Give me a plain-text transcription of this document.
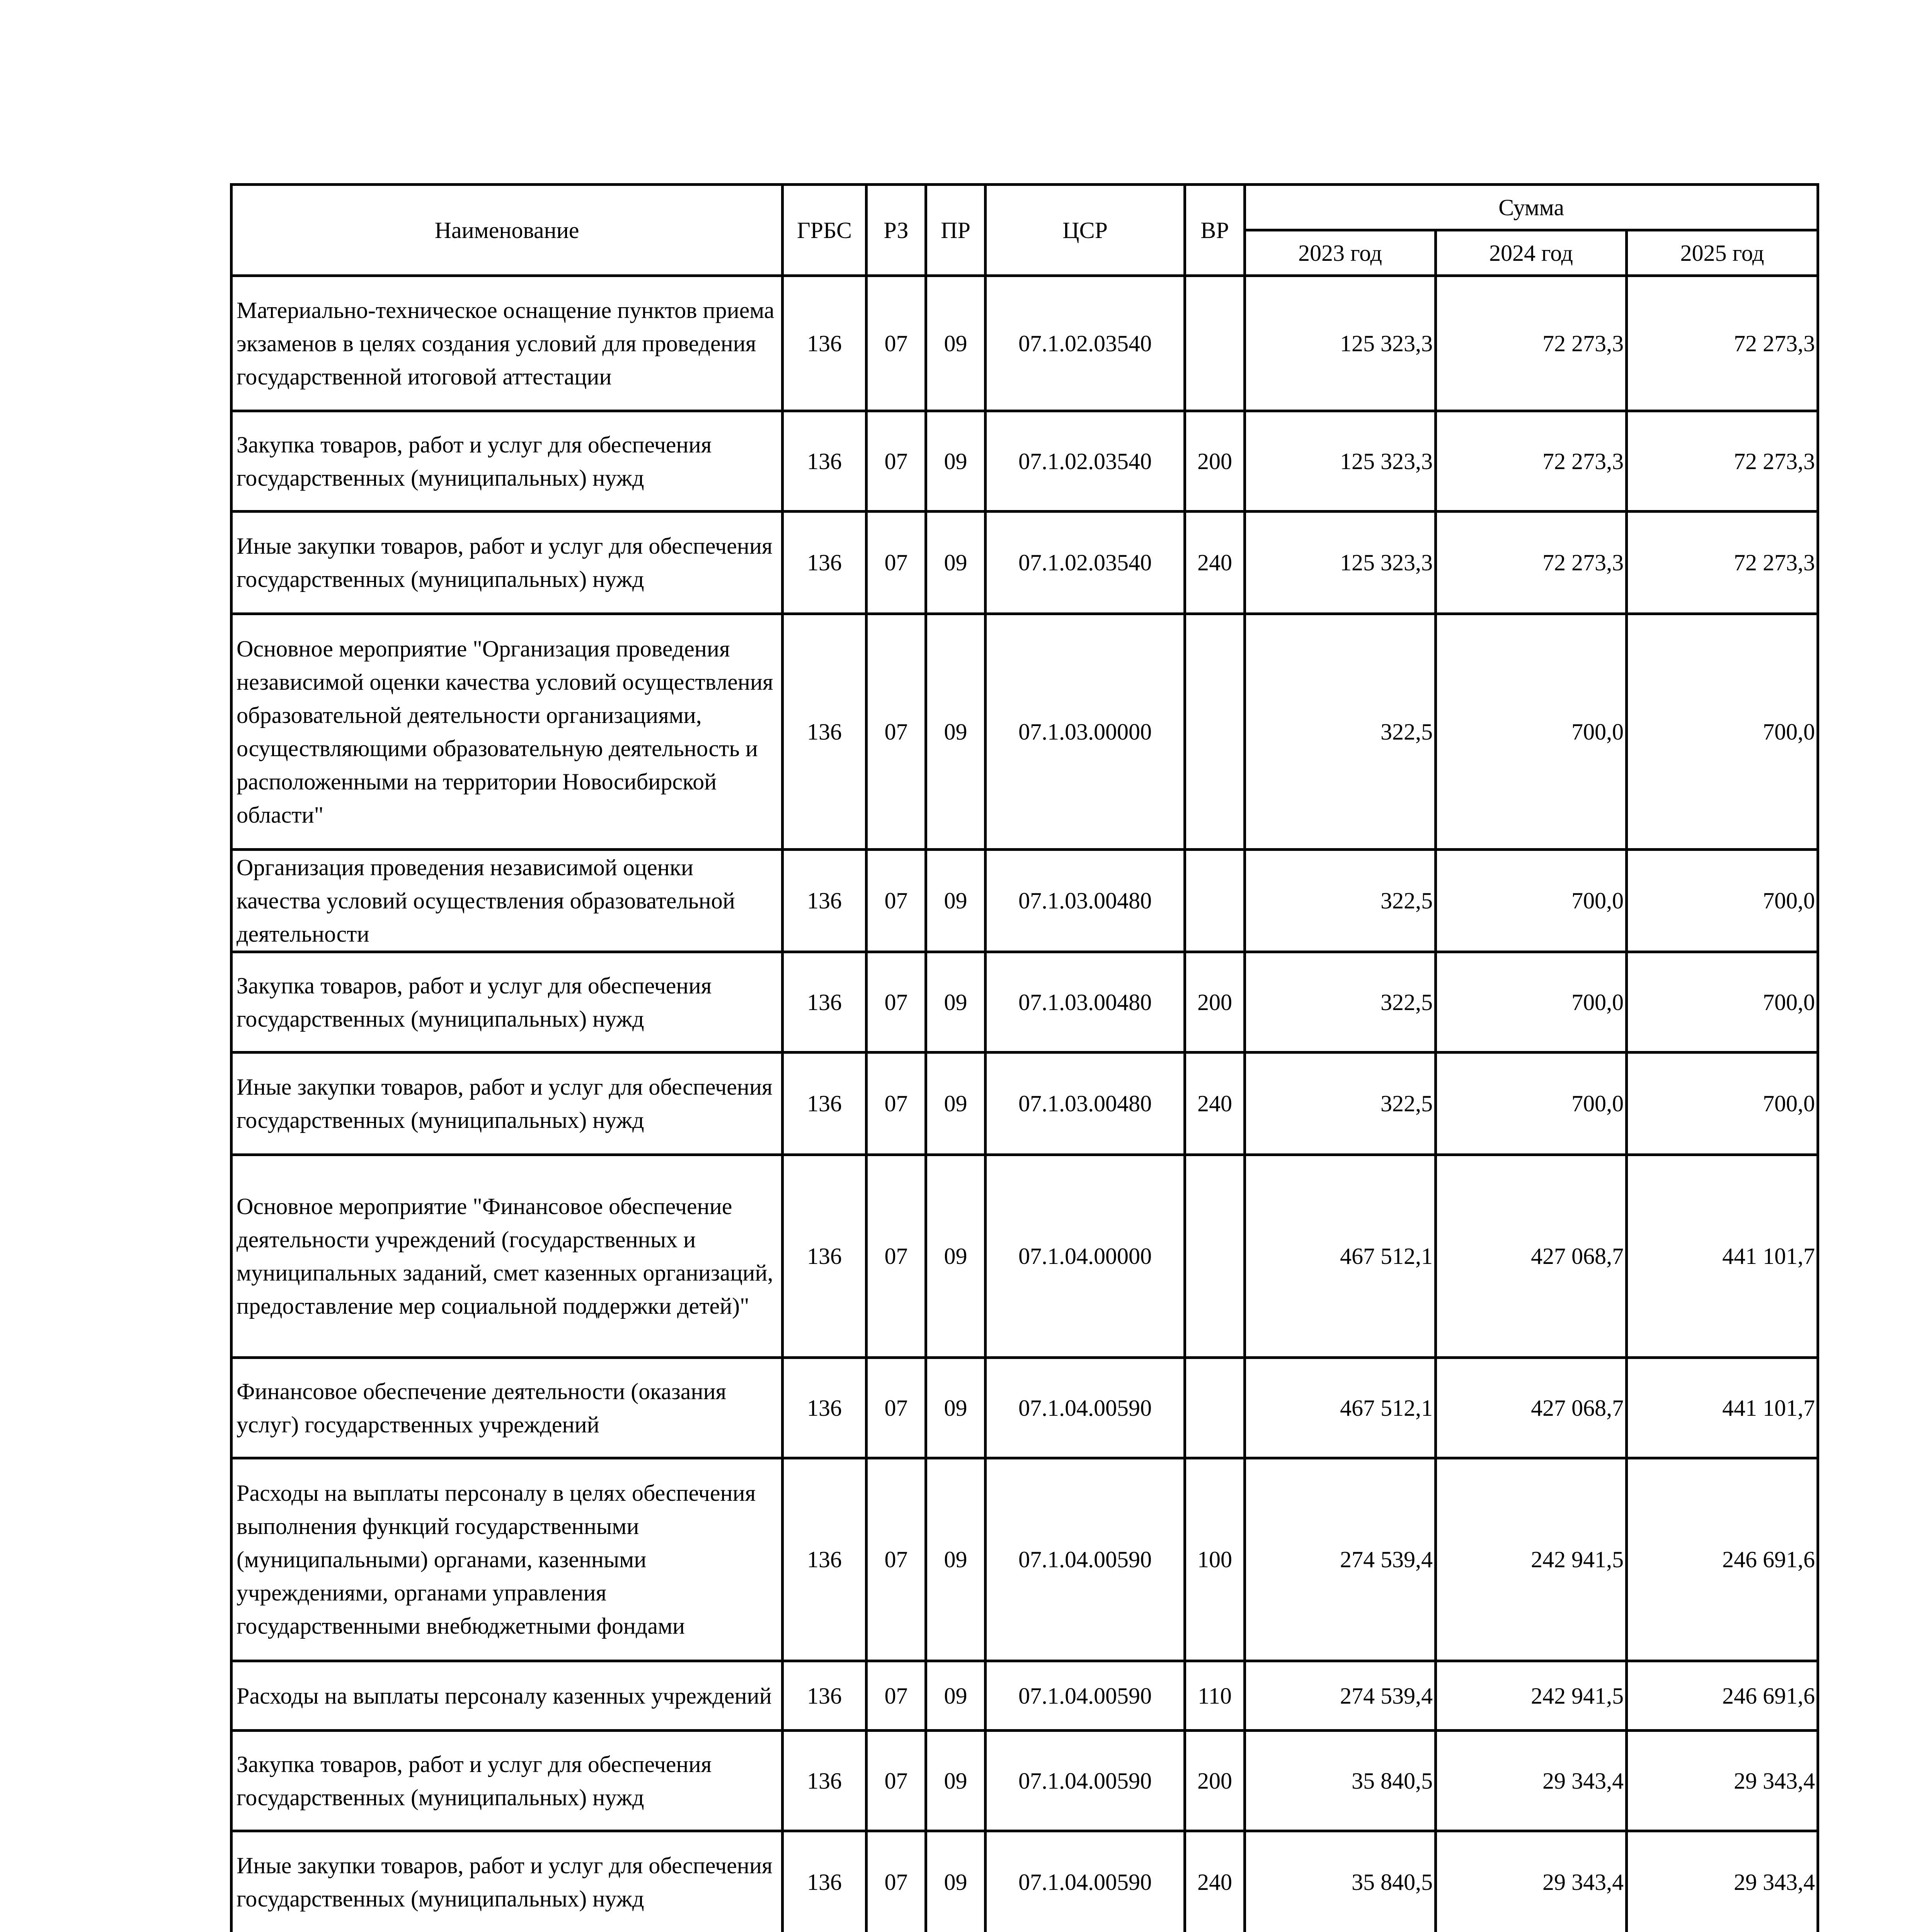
Наименование	ГРБС	РЗ	ПР	ЦСР	ВР	Сумма		
						2023 год	2024 год	2025 год
Материально-техническое оснащение пунктов приема экзаменов в целях создания условий для проведения государственной итоговой аттестации	136	07	09	07.1.02.03540		125 323,3	72 273,3	72 273,3
Закупка товаров, работ и услуг для обеспечения государственных (муниципальных) нужд	136	07	09	07.1.02.03540	200	125 323,3	72 273,3	72 273,3
Иные закупки товаров, работ и услуг для обеспечения государственных (муниципальных) нужд	136	07	09	07.1.02.03540	240	125 323,3	72 273,3	72 273,3
Основное мероприятие "Организация проведения независимой оценки качества условий осуществления образовательной деятельности организациями, осуществляющими образовательную деятельность и расположенными на территории Новосибирской области"	136	07	09	07.1.03.00000		322,5	700,0	700,0
Организация проведения независимой оценки качества условий осуществления образовательной деятельности	136	07	09	07.1.03.00480		322,5	700,0	700,0
Закупка товаров, работ и услуг для обеспечения государственных (муниципальных) нужд	136	07	09	07.1.03.00480	200	322,5	700,0	700,0
Иные закупки товаров, работ и услуг для обеспечения государственных (муниципальных) нужд	136	07	09	07.1.03.00480	240	322,5	700,0	700,0
Основное мероприятие "Финансовое обеспечение деятельности учреждений (государственных и муниципальных заданий, смет казенных организаций, предоставление мер социальной поддержки детей)"	136	07	09	07.1.04.00000		467 512,1	427 068,7	441 101,7
Финансовое обеспечение деятельности (оказания услуг) государственных учреждений	136	07	09	07.1.04.00590		467 512,1	427 068,7	441 101,7
Расходы на выплаты персоналу в целях обеспечения выполнения функций государственными (муниципальными) органами, казенными учреждениями, органами управления государственными внебюджетными фондами	136	07	09	07.1.04.00590	100	274 539,4	242 941,5	246 691,6
Расходы на выплаты персоналу казенных учреждений	136	07	09	07.1.04.00590	110	274 539,4	242 941,5	246 691,6
Закупка товаров, работ и услуг для обеспечения государственных (муниципальных) нужд	136	07	09	07.1.04.00590	200	35 840,5	29 343,4	29 343,4
Иные закупки товаров, работ и услуг для обеспечения государственных (муниципальных) нужд	136	07	09	07.1.04.00590	240	35 840,5	29 343,4	29 343,4
